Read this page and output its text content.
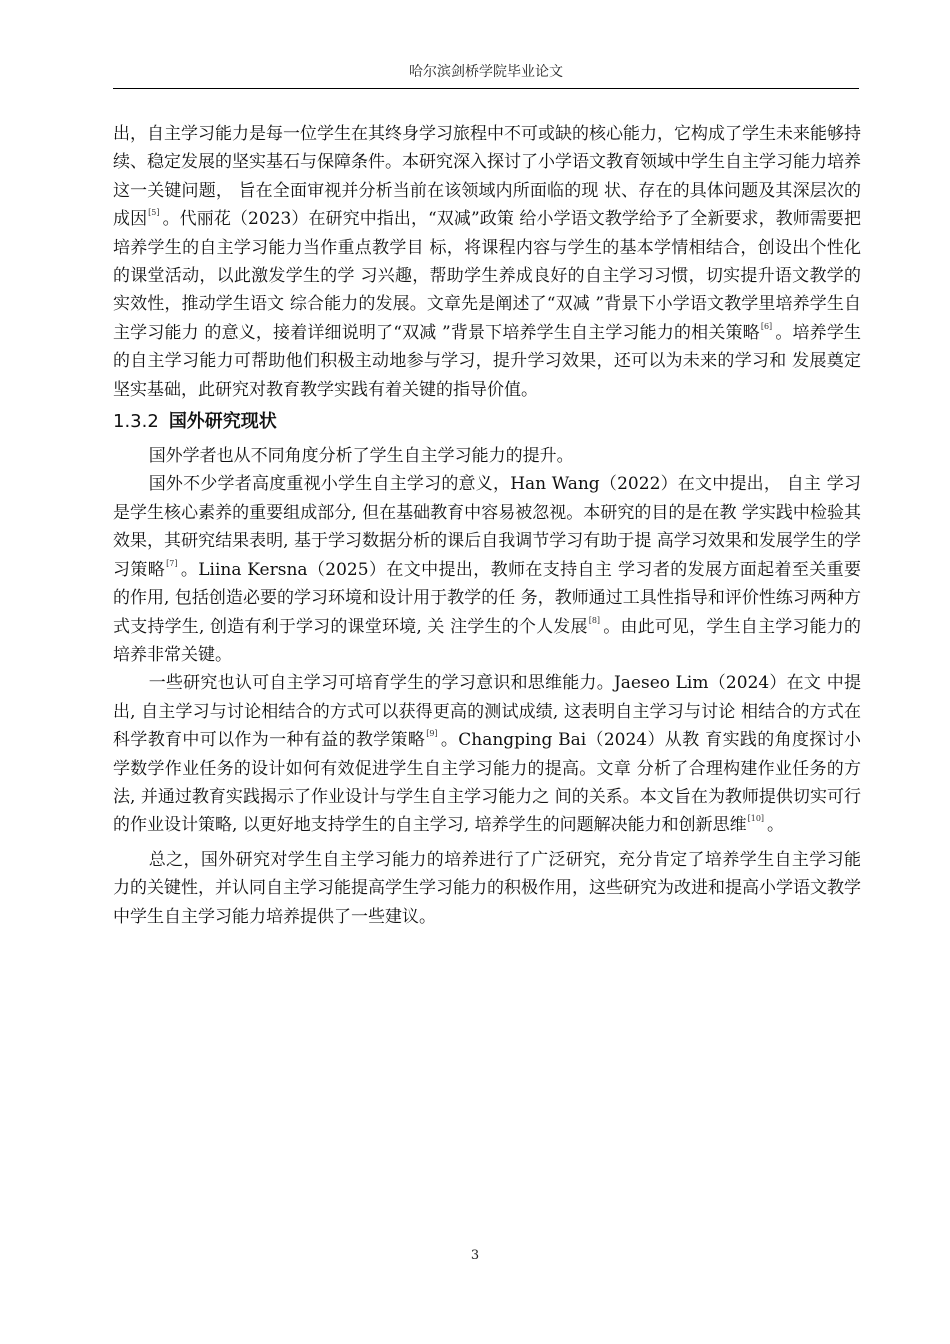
哈尔滨剑桥学院毕业论文

出，自主学习能力是每一位学生在其终身学习旅程中不可或缺的核心能力，它构成了学生未来能够持续、稳定发展的坚实基石与保障条件。本研究深入探讨了小学语文教育领域中学生自主学习能力培养这一关键问题， 旨在全面审视并分析当前在该领域内所面临的现 状、存在的具体问题及其深层次的成因[5] 。代丽花（2023）在研究中指出，“双减”政策 给小学语文教学给予了全新要求，教师需要把培养学生的自主学习能力当作重点教学目 标，将课程内容与学生的基本学情相结合，创设出个性化的课堂活动，以此激发学生的学 习兴趣，帮助学生养成良好的自主学习习惯，切实提升语文教学的实效性，推动学生语文 综合能力的发展。文章先是阐述了“双减 ”背景下小学语文教学里培养学生自主学习能力 的意义，接着详细说明了“双减 ”背景下培养学生自主学习能力的相关策略[6] 。培养学生 的自主学习能力可帮助他们积极主动地参与学习，提升学习效果，还可以为未来的学习和 发展奠定坚实基础，此研究对教育教学实践有着关键的指导价值。

1.3.2 国外研究现状

国外学者也从不同角度分析了学生自主学习能力的提升。

国外不少学者高度重视小学生自主学习的意义，Han Wang（2022）在文中提出， 自主 学习是学生核心素养的重要组成部分, 但在基础教育中容易被忽视。本研究的目的是在教 学实践中检验其效果，其研究结果表明, 基于学习数据分析的课后自我调节学习有助于提 高学习效果和发展学生的学习策略[7] 。Liina Kersna（2025）在文中提出，教师在支持自主 学习者的发展方面起着至关重要的作用, 包括创造必要的学习环境和设计用于教学的任 务，教师通过工具性指导和评价性练习两种方式支持学生, 创造有利于学习的课堂环境, 关 注学生的个人发展[8] 。由此可见，学生自主学习能力的培养非常关键。

一些研究也认可自主学习可培育学生的学习意识和思维能力。Jaeseo Lim（2024）在文 中提出, 自主学习与讨论相结合的方式可以获得更高的测试成绩, 这表明自主学习与讨论 相结合的方式在科学教育中可以作为一种有益的教学策略[9] 。Changping Bai（2024）从教 育实践的角度探讨小学数学作业任务的设计如何有效促进学生自主学习能力的提高。文章 分析了合理构建作业任务的方法, 并通过教育实践揭示了作业设计与学生自主学习能力之 间的关系。本文旨在为教师提供切实可行的作业设计策略, 以更好地支持学生的自主学习, 培养学生的问题解决能力和创新思维[10] 。

总之，国外研究对学生自主学习能力的培养进行了广泛研究，充分肯定了培养学生自主学习能力的关键性，并认同自主学习能提高学生学习能力的积极作用，这些研究为改进和提高小学语文教学中学生自主学习能力培养提供了一些建议。

3
